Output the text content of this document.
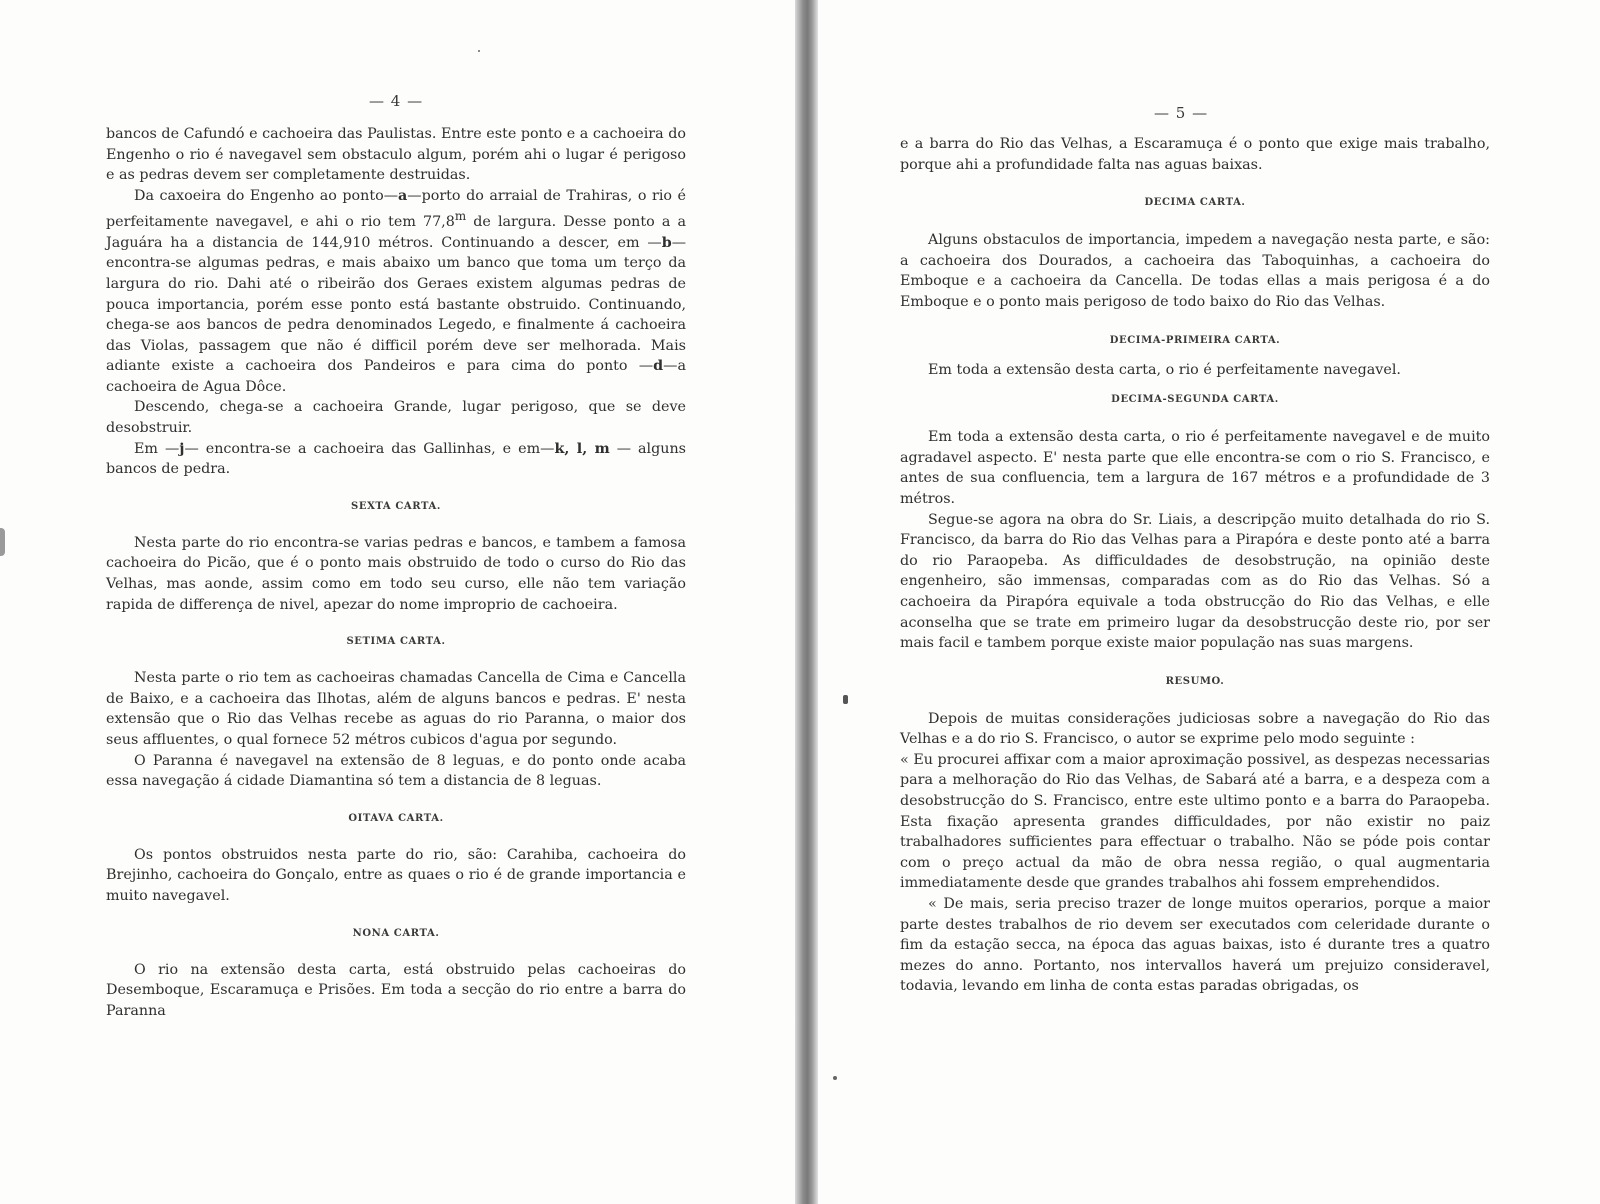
— 4 —

bancos de Cafundó e cachoeira das Paulistas. Entre este ponto e a cachoeira do Engenho o rio é navegavel sem obstaculo algum, porém ahi o lugar é perigoso e as pedras devem ser completamente destruidas.

Da caxoeira do Engenho ao ponto—a—porto do arraial de Trahiras, o rio é perfeitamente navegavel, e ahi o rio tem 77,8$^m$ de largura. Desse ponto a a Jaguára ha a distancia de 144,910 métros. Continuando a descer, em —b— encontra-se algumas pedras, e mais abaixo um banco que toma um terço da largura do rio. Dahi até o ribeirão dos Geraes existem algumas pedras de pouca importancia, porém esse ponto está bastante obstruido. Continuando, chega-se aos bancos de pedra denominados Legedo, e finalmente á cachoeira das Violas, passagem que não é difficil porém deve ser melhorada. Mais adiante existe a cachoeira dos Pandeiros e para cima do ponto —d—a cachoeira de Agua Dôce.

Descendo, chega-se a cachoeira Grande, lugar perigoso, que se deve desobstruir.

Em —j— encontra-se a cachoeira das Gallinhas, e em—k, l, m — alguns bancos de pedra.

SEXTA CARTA.

Nesta parte do rio encontra-se varias pedras e bancos, e tambem a famosa cachoeira do Picão, que é o ponto mais obstruido de todo o curso do Rio das Velhas, mas aonde, assim como em todo seu curso, elle não tem variação rapida de differença de nivel, apezar do nome improprio de cachoeira.

SETIMA CARTA.

Nesta parte o rio tem as cachoeiras chamadas Cancella de Cima e Cancella de Baixo, e a cachoeira das Ilhotas, além de alguns bancos e pedras. E' nesta extensão que o Rio das Velhas recebe as aguas do rio Paranna, o maior dos seus affluentes, o qual fornece 52 métros cubicos d'agua por segundo.

O Paranna é navegavel na extensão de 8 leguas, e do ponto onde acaba essa navegação á cidade Diamantina só tem a distancia de 8 leguas.

OITAVA CARTA.

Os pontos obstruidos nesta parte do rio, são: Carahiba, cachoeira do Brejinho, cachoeira do Gonçalo, entre as quaes o rio é de grande importancia e muito navegavel.

NONA CARTA.

O rio na extensão desta carta, está obstruido pelas cachoeiras do Desemboque, Escaramuça e Prisões. Em toda a secção do rio entre a barra do Paranna

— 5 —

e a barra do Rio das Velhas, a Escaramuça é o ponto que exige mais trabalho, porque ahi a profundidade falta nas aguas baixas.

DECIMA CARTA.

Alguns obstaculos de importancia, impedem a navegação nesta parte, e são: a cachoeira dos Dourados, a cachoeira das Taboquinhas, a cachoeira do Emboque e a cachoeira da Cancella. De todas ellas a mais perigosa é a do Emboque e o ponto mais perigoso de todo baixo do Rio das Velhas.

DECIMA-PRIMEIRA CARTA.

Em toda a extensão desta carta, o rio é perfeitamente navegavel.

DECIMA-SEGUNDA CARTA.

Em toda a extensão desta carta, o rio é perfeitamente navegavel e de muito agradavel aspecto. E' nesta parte que elle encontra-se com o rio S. Francisco, e antes de sua confluencia, tem a largura de 167 métros e a profundidade de 3 métros.

Segue-se agora na obra do Sr. Liais, a descripção muito detalhada do rio S. Francisco, da barra do Rio das Velhas para a Pirapóra e deste ponto até a barra do rio Paraopeba. As difficuldades de desobstrução, na opinião deste engenheiro, são immensas, comparadas com as do Rio das Velhas. Só a cachoeira da Pirapóra equivale a toda obstrucção do Rio das Velhas, e elle aconselha que se trate em primeiro lugar da desobstrucção deste rio, por ser mais facil e tambem porque existe maior população nas suas margens.

RESUMO.

Depois de muitas considerações judiciosas sobre a navegação do Rio das Velhas e a do rio S. Francisco, o autor se exprime pelo modo seguinte :

« Eu procurei affixar com a maior aproximação possivel, as despezas necessarias para a melhoração do Rio das Velhas, de Sabará até a barra, e a despeza com a desobstrucção do S. Francisco, entre este ultimo ponto e a barra do Paraopeba. Esta fixação apresenta grandes difficuldades, por não existir no paiz trabalhadores sufficientes para effectuar o trabalho. Não se póde pois contar com o preço actual da mão de obra nessa região, o qual augmentaria immediatamente desde que grandes trabalhos ahi fossem emprehendidos.

« De mais, seria preciso trazer de longe muitos operarios, porque a maior parte destes trabalhos de rio devem ser executados com celeridade durante o fim da estação secca, na época das aguas baixas, isto é durante tres a quatro mezes do anno. Portanto, nos intervallos haverá um prejuizo consideravel, todavia, levando em linha de conta estas paradas obrigadas, os
